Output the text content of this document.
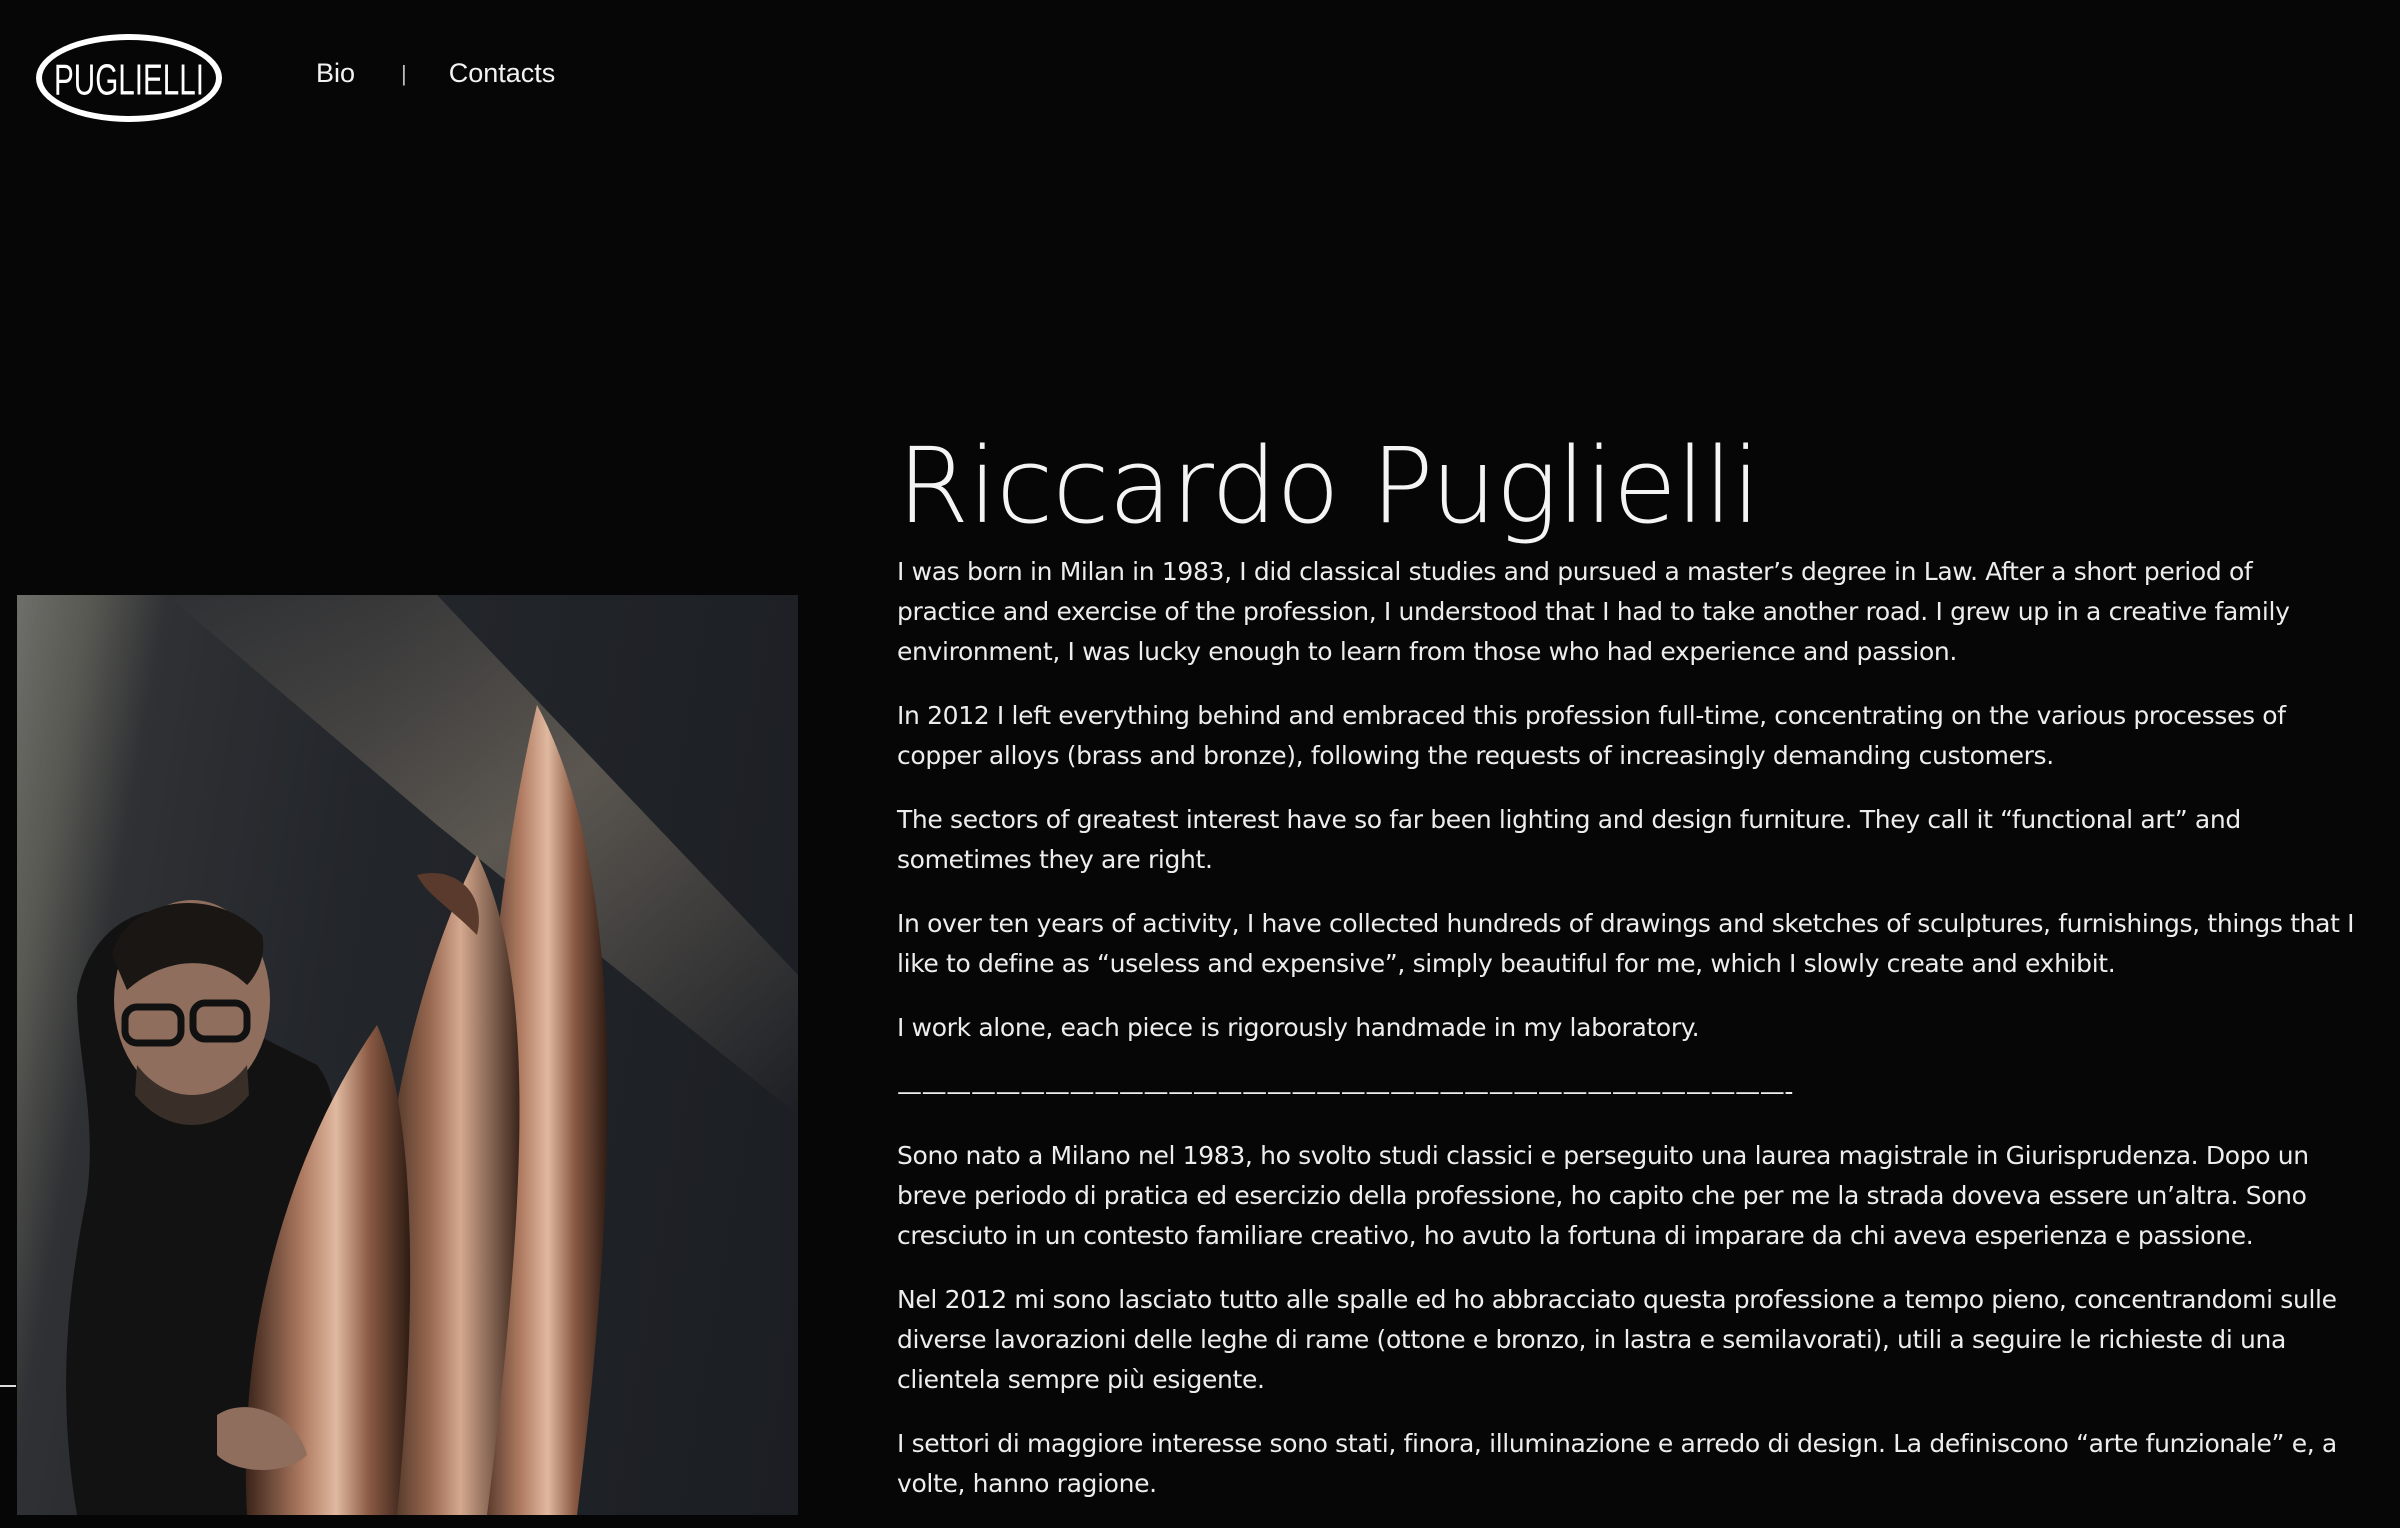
PUGLIELLI	Bio | Contacts
Riccardo Puglielli

I was born in Milan in 1983, I did classical studies and pursued a master’s degree in Law. After a short period of practice and exercise of the profession, I understood that I had to take another road. I grew up in a creative family environment, I was lucky enough to learn from those who had experience and passion.

In 2012 I left everything behind and embraced this profession full-time, concentrating on the various processes of copper alloys (brass and bronze), following the requests of increasingly demanding customers.

The sectors of greatest interest have so far been lighting and design furniture. They call it “functional art” and sometimes they are right.

In over ten years of activity, I have collected hundreds of drawings and sketches of sculptures, furnishings, things that I like to define as “useless and expensive”, simply beautiful for me, which I slowly create and exhibit.

I work alone, each piece is rigorously handmade in my laboratory.

————————————————————————————————————-

Sono nato a Milano nel 1983, ho svolto studi classici e perseguito una laurea magistrale in Giurisprudenza. Dopo un breve periodo di pratica ed esercizio della professione, ho capito che per me la strada doveva essere un’altra. Sono cresciuto in un contesto familiare creativo, ho avuto la fortuna di imparare da chi aveva esperienza e passione.

Nel 2012 mi sono lasciato tutto alle spalle ed ho abbracciato questa professione a tempo pieno, concentrandomi sulle diverse lavorazioni delle leghe di rame (ottone e bronzo, in lastra e semilavorati), utili a seguire le richieste di una clientela sempre più esigente.

I settori di maggiore interesse sono stati, finora, illuminazione e arredo di design. La definiscono “arte funzionale” e, a volte, hanno ragione.
